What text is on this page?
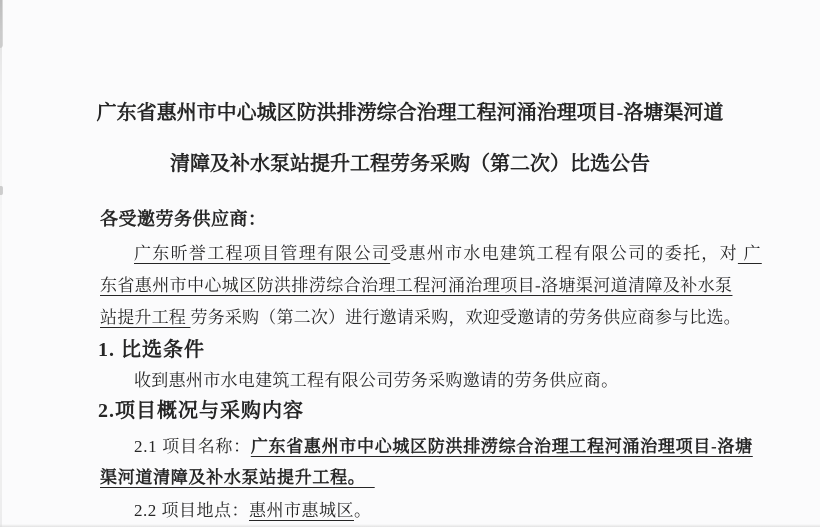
广东省惠州市中心城区防洪排涝综合治理工程河涌治理项目-洛塘渠河道
清障及补水泵站提升工程劳务采购（第二次）比选公告
各受邀劳务供应商：
广东昕誉工程项目管理有限公司受惠州市水电建筑工程有限公司的委托，对 广
东省惠州市中心城区防洪排涝综合治理工程河涌治理项目-洛塘渠河道清障及补水泵
站提升工程 劳务采购（第二次）进行邀请采购，欢迎受邀请的劳务供应商参与比选。
1. 比选条件
收到惠州市水电建筑工程有限公司劳务采购邀请的劳务供应商。
2.项目概况与采购内容
2.1 项目名称：广东省惠州市中心城区防洪排涝综合治理工程河涌治理项目-洛塘
渠河道清障及补水泵站提升工程。　
2.2 项目地点：惠州市惠城区。
